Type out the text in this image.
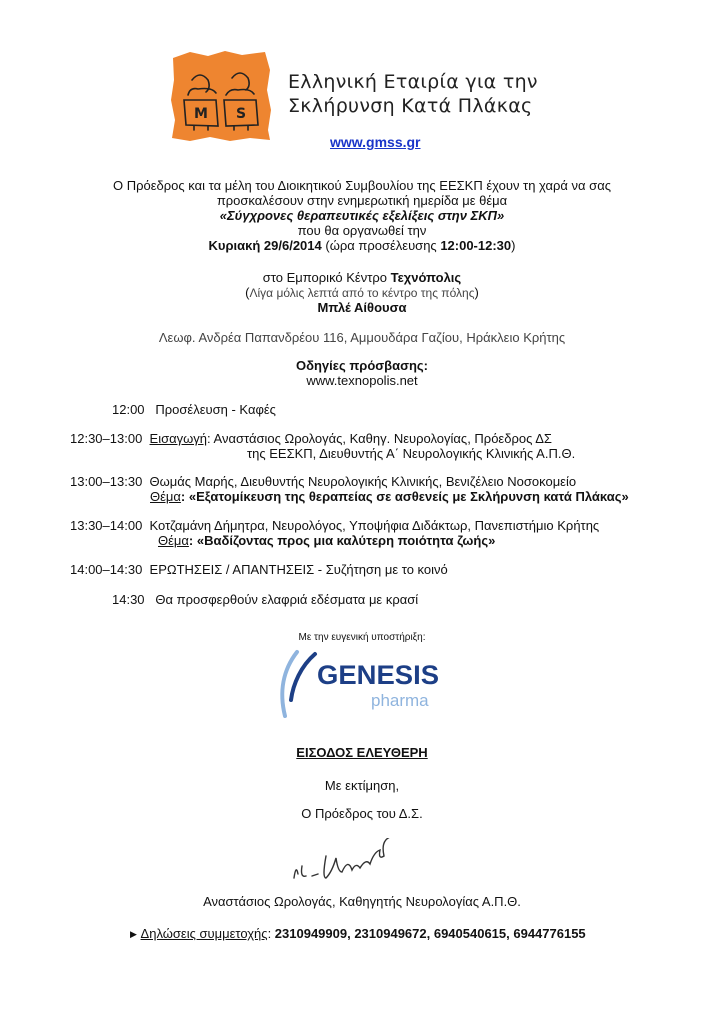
M S
Ελληνική Εταιρία για την
Σκλήρυνση Κατά Πλάκας
www.gmss.gr
Ο Πρόεδρος και τα μέλη του Διοικητικού Συμβουλίου της ΕΕΣΚΠ έχουν τη χαρά να σας
προσκαλέσουν στην ενημερωτική ημερίδα με θέμα
«Σύγχρονες θεραπευτικές εξελίξεις στην ΣΚΠ»
που θα οργανωθεί την
Κυριακή 29/6/2014 (ώρα προσέλευσης 12:00-12:30)
στο Εμπορικό Κέντρο Τεχνόπολις
(Λίγα μόλις λεπτά από το κέντρο της πόλης)
Μπλέ Αίθουσα
Λεωφ. Ανδρέα Παπανδρέου 116, Αμμουδάρα Γαζίου, Ηράκλειο Κρήτης
Οδηγίες πρόσβασης:
www.texnopolis.net
12:00 Προσέλευση - Καφές
12:30–13:00 Εισαγωγή: Αναστάσιος Ωρολογάς, Καθηγ. Νευρολογίας, Πρόεδρος ΔΣ
της ΕΕΣΚΠ, Διευθυντής Α΄ Νευρολογικής Κλινικής Α.Π.Θ.
13:00–13:30 Θωμάς Μαρής, Διευθυντής Νευρολογικής Κλινικής, Βενιζέλειο Νοσοκομείο
Θέμα: «Εξατομίκευση της θεραπείας σε ασθενείς με Σκλήρυνση κατά Πλάκας»
13:30–14:00 Κοτζαμάνη Δήμητρα, Νευρολόγος, Υποψήφια Διδάκτωρ, Πανεπιστήμιο Κρήτης
Θέμα: «Βαδίζοντας προς μια καλύτερη ποιότητα ζωής»
14:00–14:30 ΕΡΩΤΗΣΕΙΣ / ΑΠΑΝΤΗΣΕΙΣ - Συζήτηση με το κοινό
14:30 Θα προσφερθούν ελαφριά εδέσματα με κρασί
Με την ευγενική υποστήριξη:
GENESIS
pharma
ΕΙΣΟΔΟΣ ΕΛΕΥΘΕΡΗ
Με εκτίμηση,
Ο Πρόεδρος του Δ.Σ.
Αναστάσιος Ωρολογάς, Καθηγητής Νευρολογίας Α.Π.Θ.
▶ Δηλώσεις συμμετοχής: 2310949909, 2310949672, 6940540615, 6944776155
